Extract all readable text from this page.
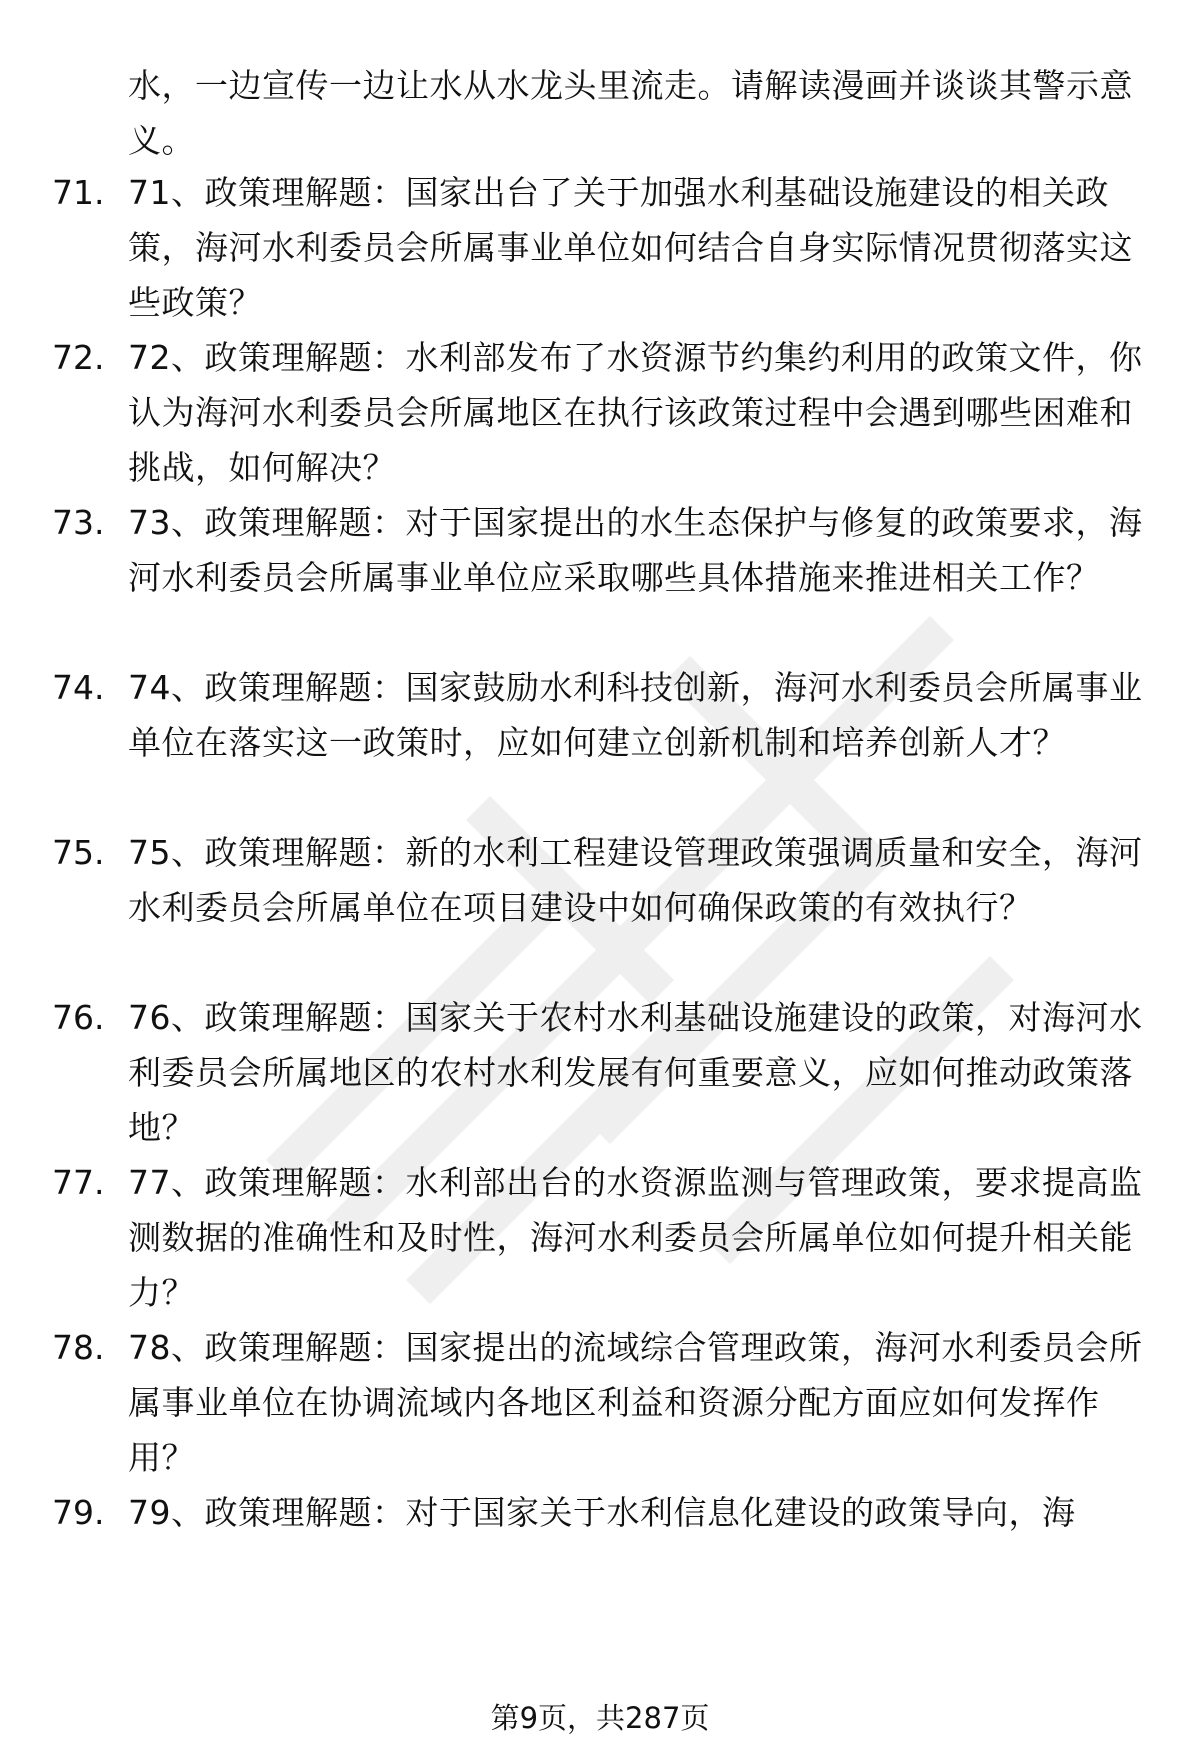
水，一边宣传一边让水从水龙头里流走。请解读漫画并谈谈其警示意义。
71. 71、政策理解题：国家出台了关于加强水利基础设施建设的相关政策，海河水利委员会所属事业单位如何结合自身实际情况贯彻落实这些政策？
72. 72、政策理解题：水利部发布了水资源节约集约利用的政策文件，你认为海河水利委员会所属地区在执行该政策过程中会遇到哪些困难和挑战，如何解决？
73. 73、政策理解题：对于国家提出的水生态保护与修复的政策要求，海河水利委员会所属事业单位应采取哪些具体措施来推进相关工作？
74. 74、政策理解题：国家鼓励水利科技创新，海河水利委员会所属事业单位在落实这一政策时，应如何建立创新机制和培养创新人才？
75. 75、政策理解题：新的水利工程建设管理政策强调质量和安全，海河水利委员会所属单位在项目建设中如何确保政策的有效执行？
76. 76、政策理解题：国家关于农村水利基础设施建设的政策，对海河水利委员会所属地区的农村水利发展有何重要意义，应如何推动政策落地？
77. 77、政策理解题：水利部出台的水资源监测与管理政策，要求提高监测数据的准确性和及时性，海河水利委员会所属单位如何提升相关能力？
78. 78、政策理解题：国家提出的流域综合管理政策，海河水利委员会所属事业单位在协调流域内各地区利益和资源分配方面应如何发挥作用？
79. 79、政策理解题：对于国家关于水利信息化建设的政策导向，海
第9页，共287页
